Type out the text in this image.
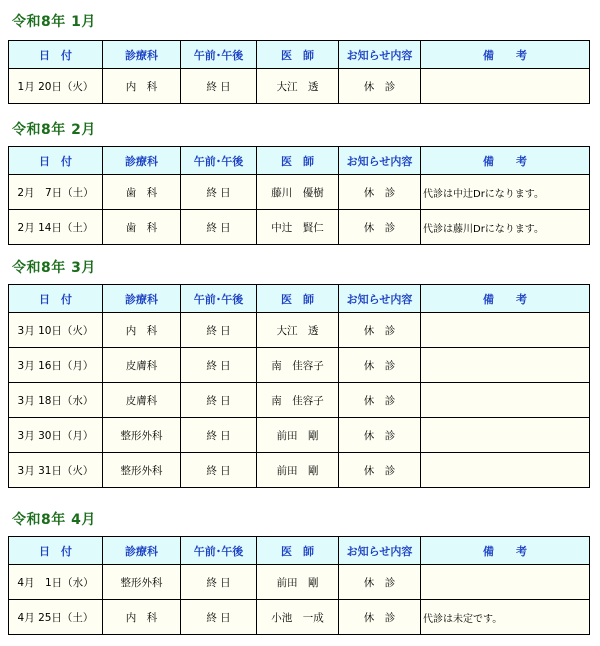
令和8年 1月
日　付	診療科	午前･午後	医　師	お知らせ内容	備　　考
1月 20日（火）	内　科	終 日	大江　透	休　診	
令和8年 2月
日　付	診療科	午前･午後	医　師	お知らせ内容	備　　考
2月　7日（土）	歯　科	終 日	藤川　優樹	休　診	代診は中辻Drになります。
2月 14日（土）	歯　科	終 日	中辻　賢仁	休　診	代診は藤川Drになります。
令和8年 3月
日　付	診療科	午前･午後	医　師	お知らせ内容	備　　考
3月 10日（火）	内　科	終 日	大江　透	休　診	
3月 16日（月）	皮膚科	終 日	南　佳容子	休　診	
3月 18日（水）	皮膚科	終 日	南　佳容子	休　診	
3月 30日（月）	整形外科	終 日	前田　剛	休　診	
3月 31日（火）	整形外科	終 日	前田　剛	休　診	
令和8年 4月
日　付	診療科	午前･午後	医　師	お知らせ内容	備　　考
4月　1日（水）	整形外科	終 日	前田　剛	休　診	
4月 25日（土）	内　科	終 日	小池　一成	休　診	代診は未定です。
